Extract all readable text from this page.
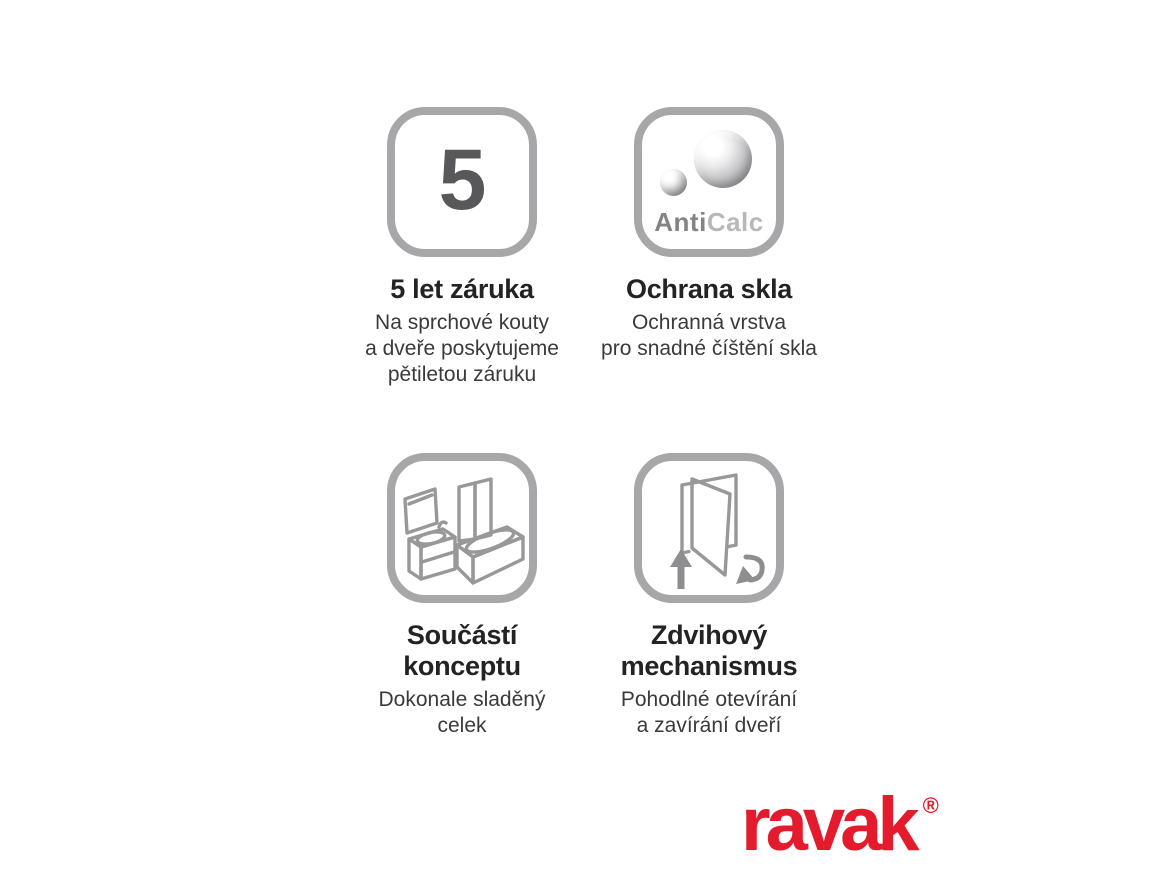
5
5 let záruka
Na sprchové kouty
a dveře poskytujeme
pětiletou záruku
AntiCalc
Ochrana skla
Ochranná vrstva
pro snadné číštění skla
Součástí
konceptu
Dokonale sladěný
celek
Zdvihový
mechanismus
Pohodlné otevírání
a zavírání dveří
ravak ®
